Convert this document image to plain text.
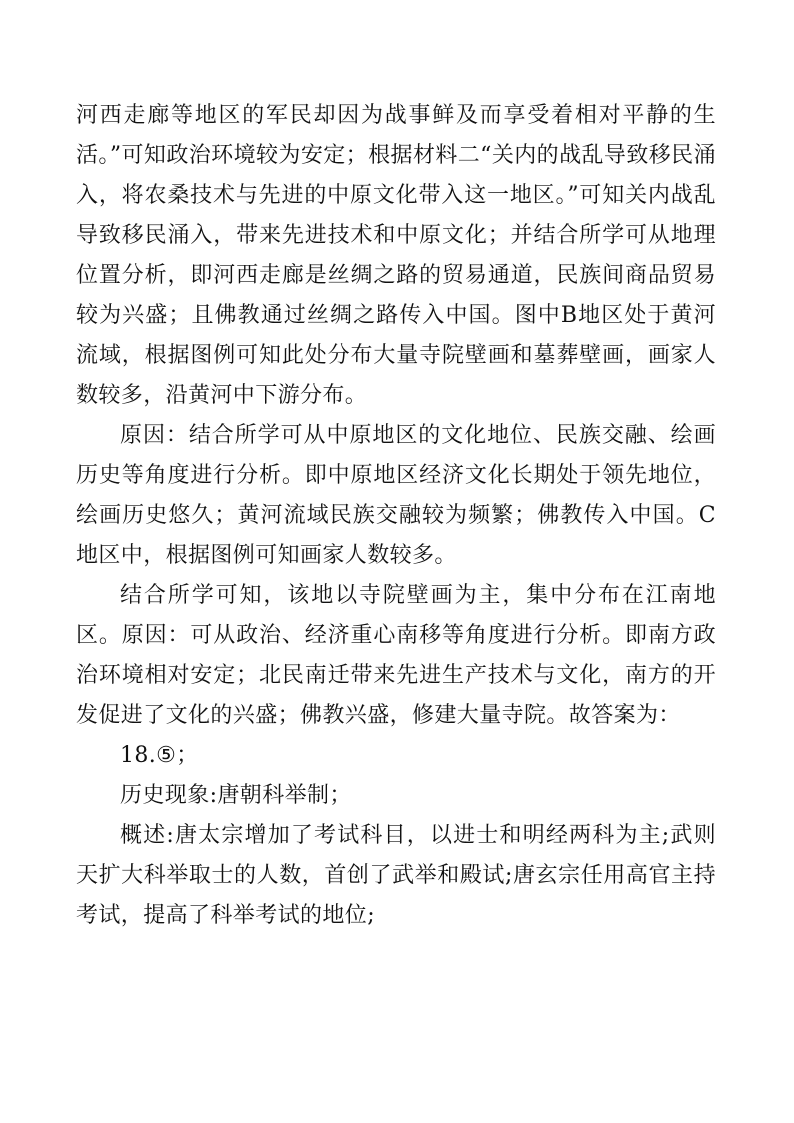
河西走廊等地区的军民却因为战事鲜及而享受着相对平静的生活。”可知政治环境较为安定；根据材料二“关内的战乱导致移民涌入，将农桑技术与先进的中原文化带入这一地区。”可知关内战乱导致移民涌入，带来先进技术和中原文化；并结合所学可从地理位置分析，即河西走廊是丝绸之路的贸易通道，民族间商品贸易较为兴盛；且佛教通过丝绸之路传入中国。图中B地区处于黄河流域，根据图例可知此处分布大量寺院壁画和墓葬壁画，画家人数较多，沿黄河中下游分布。

原因：结合所学可从中原地区的文化地位、民族交融、绘画历史等角度进行分析。即中原地区经济文化长期处于领先地位，绘画历史悠久；黄河流域民族交融较为频繁；佛教传入中国。C地区中，根据图例可知画家人数较多。

结合所学可知，该地以寺院壁画为主，集中分布在江南地区。原因：可从政治、经济重心南移等角度进行分析。即南方政治环境相对安定；北民南迁带来先进生产技术与文化，南方的开发促进了文化的兴盛；佛教兴盛，修建大量寺院。故答案为：

18.⑤；

历史现象:唐朝科举制；

概述:唐太宗增加了考试科目，以进士和明经两科为主;武则天扩大科举取士的人数，首创了武举和殿试;唐玄宗任用高官主持考试，提高了科举考试的地位;
